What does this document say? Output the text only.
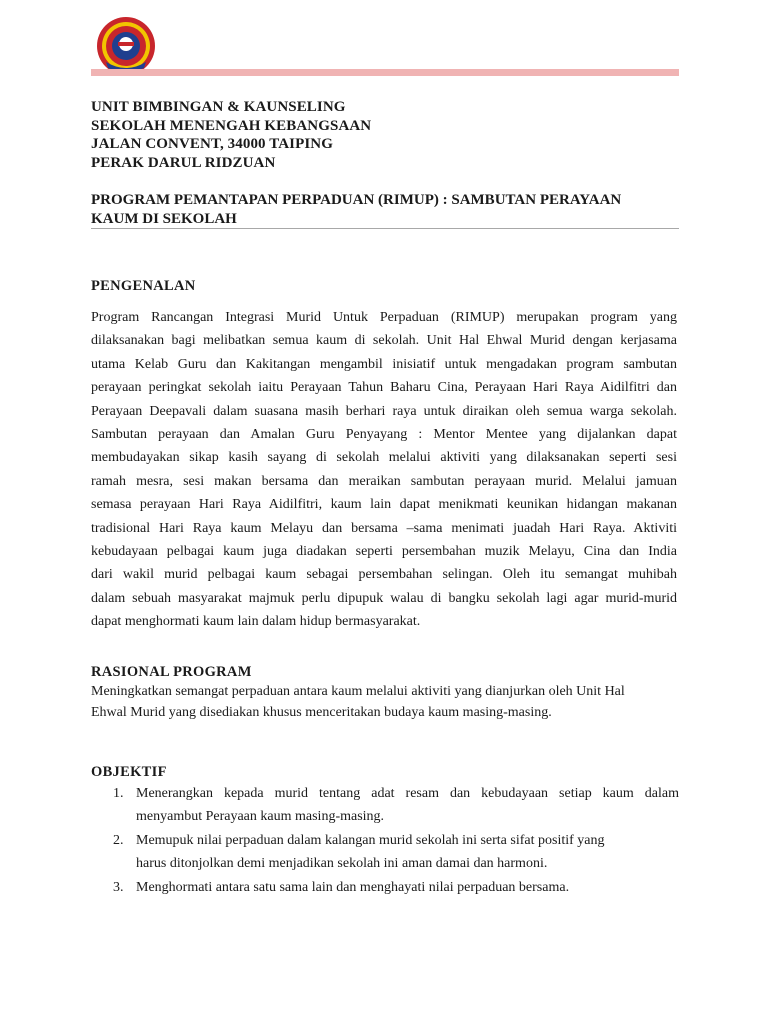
UNIT BIMBINGAN & KAUNSELING
SEKOLAH MENENGAH KEBANGSAAN
JALAN CONVENT, 34000 TAIPING
PERAK DARUL RIDZUAN
PROGRAM PEMANTAPAN PERPADUAN (RIMUP) : SAMBUTAN PERAYAAN
KAUM DI SEKOLAH
PENGENALAN
Program Rancangan Integrasi Murid Untuk Perpaduan (RIMUP) merupakan program yang
dilaksanakan bagi melibatkan semua kaum di sekolah. Unit Hal Ehwal Murid dengan kerjasama
utama Kelab Guru dan Kakitangan mengambil inisiatif untuk mengadakan program sambutan
perayaan peringkat sekolah iaitu Perayaan Tahun Baharu Cina, Perayaan Hari Raya Aidilfitri dan
Perayaan Deepavali dalam suasana masih berhari raya untuk diraikan oleh semua warga sekolah.
Sambutan perayaan dan Amalan Guru Penyayang : Mentor Mentee yang dijalankan dapat
membudayakan sikap kasih sayang di sekolah melalui aktiviti yang dilaksanakan seperti sesi
ramah mesra, sesi makan bersama dan meraikan sambutan perayaan murid. Melalui jamuan
semasa perayaan Hari Raya Aidilfitri, kaum lain dapat menikmati keunikan hidangan makanan
tradisional Hari Raya kaum Melayu dan bersama –sama menimati juadah Hari Raya. Aktiviti
kebudayaan pelbagai kaum juga diadakan seperti persembahan muzik Melayu, Cina dan India
dari wakil murid pelbagai kaum sebagai persembahan selingan. Oleh itu semangat muhibah
dalam sebuah masyarakat majmuk perlu dipupuk walau di bangku sekolah lagi agar murid-murid
dapat menghormati kaum lain dalam hidup bermasyarakat.
RASIONAL PROGRAM
Meningkatkan semangat perpaduan antara kaum melalui aktiviti yang dianjurkan oleh Unit Hal
Ehwal Murid yang disediakan khusus menceritakan budaya kaum masing-masing.
OBJEKTIF
1. Menerangkan kepada murid tentang adat resam dan kebudayaan setiap kaum dalam
menyambut Perayaan kaum masing-masing.
2. Memupuk nilai perpaduan dalam kalangan murid sekolah ini serta sifat positif yang
harus ditonjolkan demi menjadikan sekolah ini aman damai dan harmoni.
3. Menghormati antara satu sama lain dan menghayati nilai perpaduan bersama.
